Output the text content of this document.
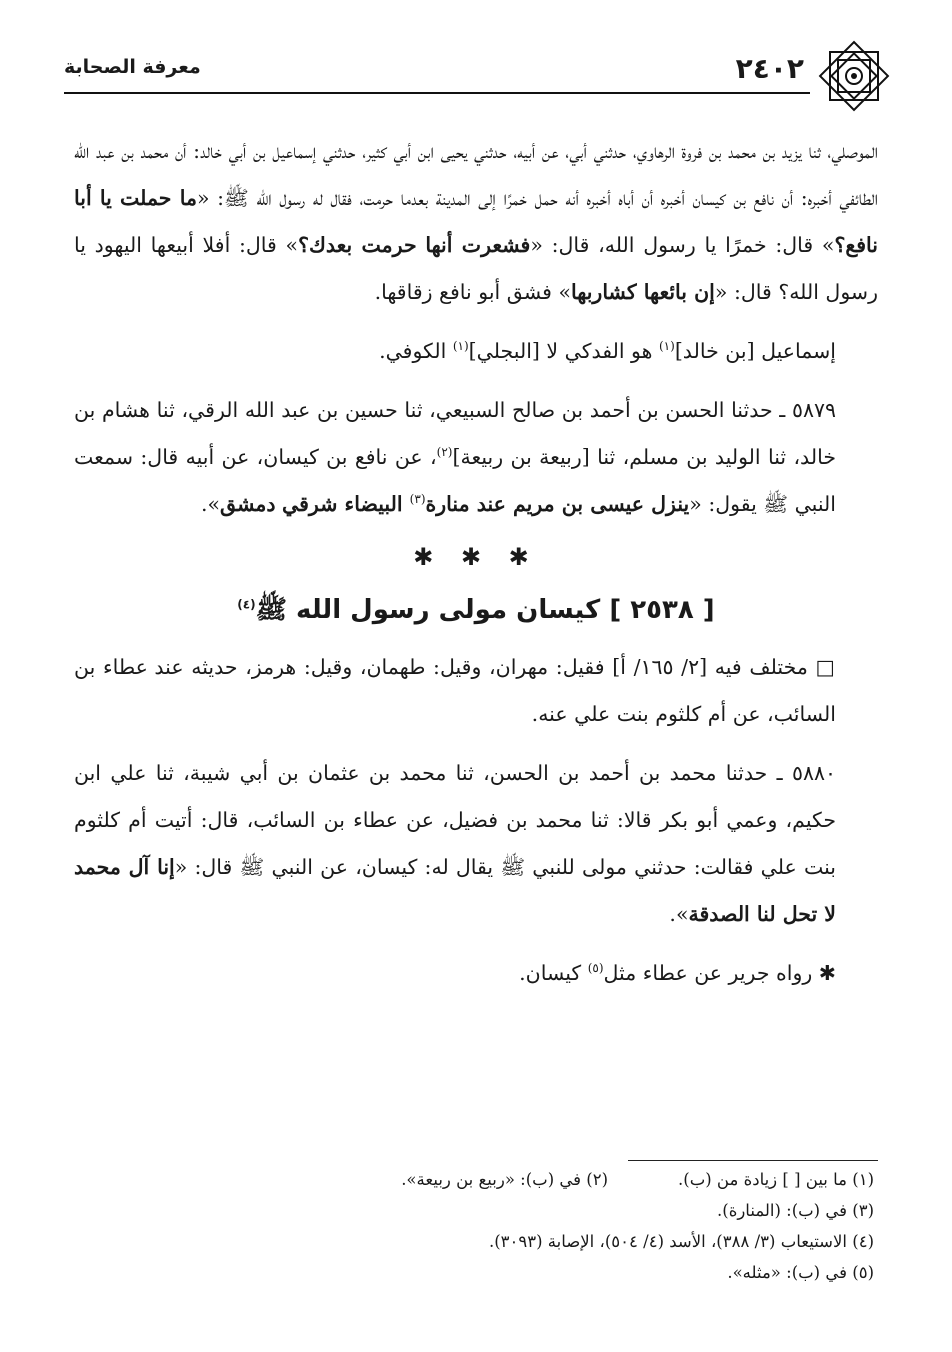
معرفة الصحابة	٢٤٠٢

الموصلي، ثنا يزيد بن محمد بن فروة الرهاوي، حدثني أبي، عن أبيه، حدثني يحيى ابن أبي كثير، حدثني إسماعيل بن أبي خالد: أن محمد بن عبد الله الطائفي أخبره: أن نافع بن كيسان أخبره أن أباه أخبره أنه حمل خمرًا إلى المدينة بعدما حرمت، فقال له رسول الله ﷺ: «ما حملت يا أبا نافع؟» قال: خمرًا يا رسول الله، قال: «فشعرت أنها حرمت بعدك؟» قال: أفلا أبيعها اليهود يا رسول الله؟ قال: «إن بائعها كشاربها» فشق أبو نافع زقاقها.

إسماعيل [بن خالد]$^{(١)}$ هو الفدكي لا [البجلي]$^{(١)}$ الكوفي.

٥٨٧٩ ـ حدثنا الحسن بن أحمد بن صالح السبيعي، ثنا حسين بن عبد الله الرقي، ثنا هشام بن خالد، ثنا الوليد بن مسلم، ثنا [ربيعة بن ربيعة]$^{(٢)}$، عن نافع بن كيسان، عن أبيه قال: سمعت النبي ﷺ يقول: «ينزل عيسى بن مريم عند منارة$^{(٣)}$ البيضاء شرقي دمشق».

✱ ✱ ✱
[ ٢٥٣٨ ] كيسان مولى رسول الله ﷺ$^{(٤)}$

□ مختلف فيه [٢/ ١٦٥/ أ] فقيل: مهران، وقيل: طهمان، وقيل: هرمز، حديثه عند عطاء بن السائب، عن أم كلثوم بنت علي عنه.

٥٨٨٠ ـ حدثنا محمد بن أحمد بن الحسن، ثنا محمد بن عثمان بن أبي شيبة، ثنا علي ابن حكيم، وعمي أبو بكر قالا: ثنا محمد بن فضيل، عن عطاء بن السائب، قال: أتيت أم كلثوم بنت علي فقالت: حدثني مولى للنبي ﷺ يقال له: كيسان، عن النبي ﷺ قال: «إنا آل محمد لا تحل لنا الصدقة».

✱ رواه جرير عن عطاء مثل$^{(٥)}$ كيسان.

(١) ما بين [ ] زيادة من (ب).
(٢) في (ب): «ربيع بن ربيعة».
(٣) في (ب): (المنارة).
(٤) الاستيعاب (٣/ ٣٨٨)، الأسد (٤/ ٥٠٤)، الإصابة (٣٠٩٣).
(٥) في (ب): «مثله».
